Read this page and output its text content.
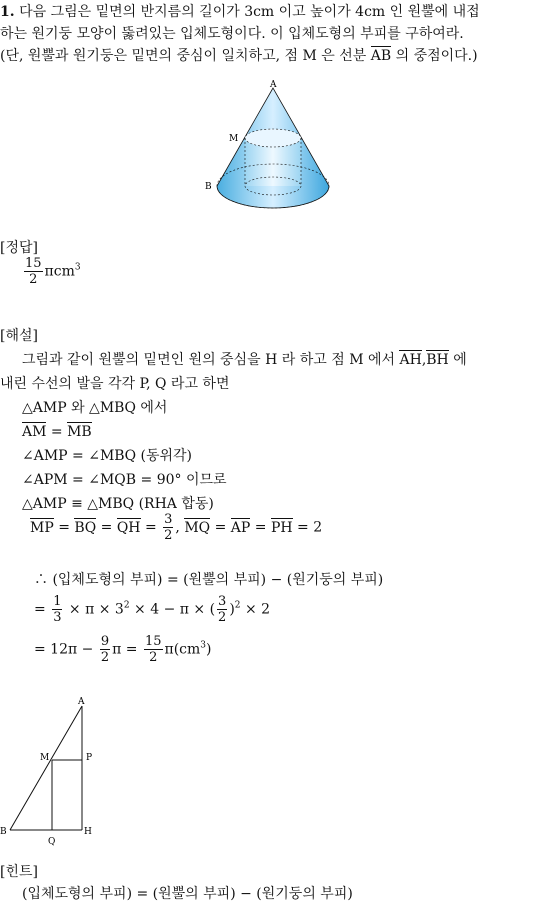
1. 다음 그림은 밑면의 반지름의 길이가 3cm 이고 높이가 4cm 인 원뿔에 내접
하는 원기둥 모양이 뚫려있는 입체도형이다. 이 입체도형의 부피를 구하여라.
(단, 원뿔과 원기둥은 밑면의 중심이 일치하고, 점 M 은 선분 AB 의 중점이다.)
A
M
B
[정답]
$\frac{15}{2} \pi cm^3$
[해설]
그림과 같이 원뿔의 밑면인 원의 중심을 H 라 하고 점 M 에서 AH,BH 에
내린 수선의 발을 각각 P, Q 라고 하면
△AMP 와 △MBQ 에서
AM = MB
∠AMP = ∠MBQ (동위각)
∠APM = ∠MQB = 90° 이므로
△AMP ≡ △MBQ (RHA 합동)
MP = BQ = QH = $\frac{3}{2}$ , MQ = AP = PH = 2
∴ (입체도형의 부피) = (원뿔의 부피) − (원기둥의 부피)
= $\frac{1}{3} \times \pi \times 3^2 \times 4 - \pi$ × ( $\frac{3}{2} )^2 \times 2$
= $12\pi - \frac{9}{2}$ $\pi = \frac{15}{2} \pi(cm^3)$
A
M	P
B
Q
H
[힌트]
(입체도형의 부피) = (원뿔의 부피) − (원기둥의 부피)
